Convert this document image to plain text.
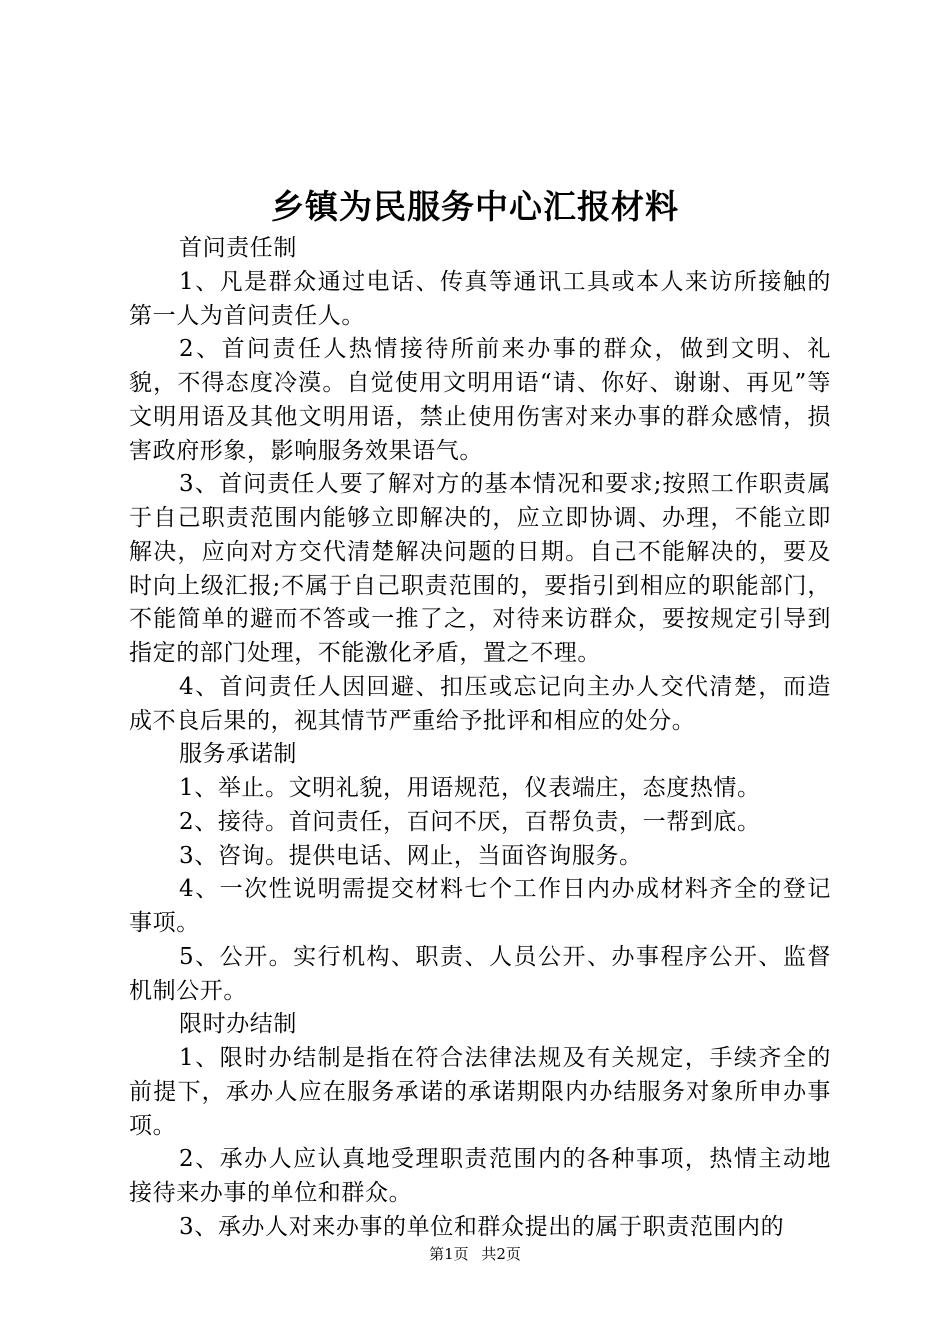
乡镇为民服务中心汇报材料

首问责任制

1、凡是群众通过电话、传真等通讯工具或本人来访所接触的第一人为首问责任人。

2、首问责任人热情接待所前来办事的群众，做到文明、礼貌，不得态度冷漠。自觉使用文明用语“请、你好、谢谢、再见”等文明用语及其他文明用语，禁止使用伤害对来办事的群众感情，损害政府形象，影响服务效果语气。

3、首问责任人要了解对方的基本情况和要求;按照工作职责属于自己职责范围内能够立即解决的，应立即协调、办理，不能立即解决，应向对方交代清楚解决问题的日期。自己不能解决的，要及时向上级汇报;不属于自己职责范围的，要指引到相应的职能部门，不能简单的避而不答或一推了之，对待来访群众，要按规定引导到指定的部门处理，不能激化矛盾，置之不理。

4、首问责任人因回避、扣压或忘记向主办人交代清楚，而造成不良后果的，视其情节严重给予批评和相应的处分。

服务承诺制

1、举止。文明礼貌，用语规范，仪表端庄，态度热情。

2、接待。首问责任，百问不厌，百帮负责，一帮到底。

3、咨询。提供电话、网止，当面咨询服务。

4、一次性说明需提交材料七个工作日内办成材料齐全的登记事项。

5、公开。实行机构、职责、人员公开、办事程序公开、监督机制公开。

限时办结制

1、限时办结制是指在符合法律法规及有关规定，手续齐全的前提下，承办人应在服务承诺的承诺期限内办结服务对象所申办事项。

2、承办人应认真地受理职责范围内的各种事项，热情主动地接待来办事的单位和群众。

3、承办人对来办事的单位和群众提出的属于职责范围内的

第1页 共2页
